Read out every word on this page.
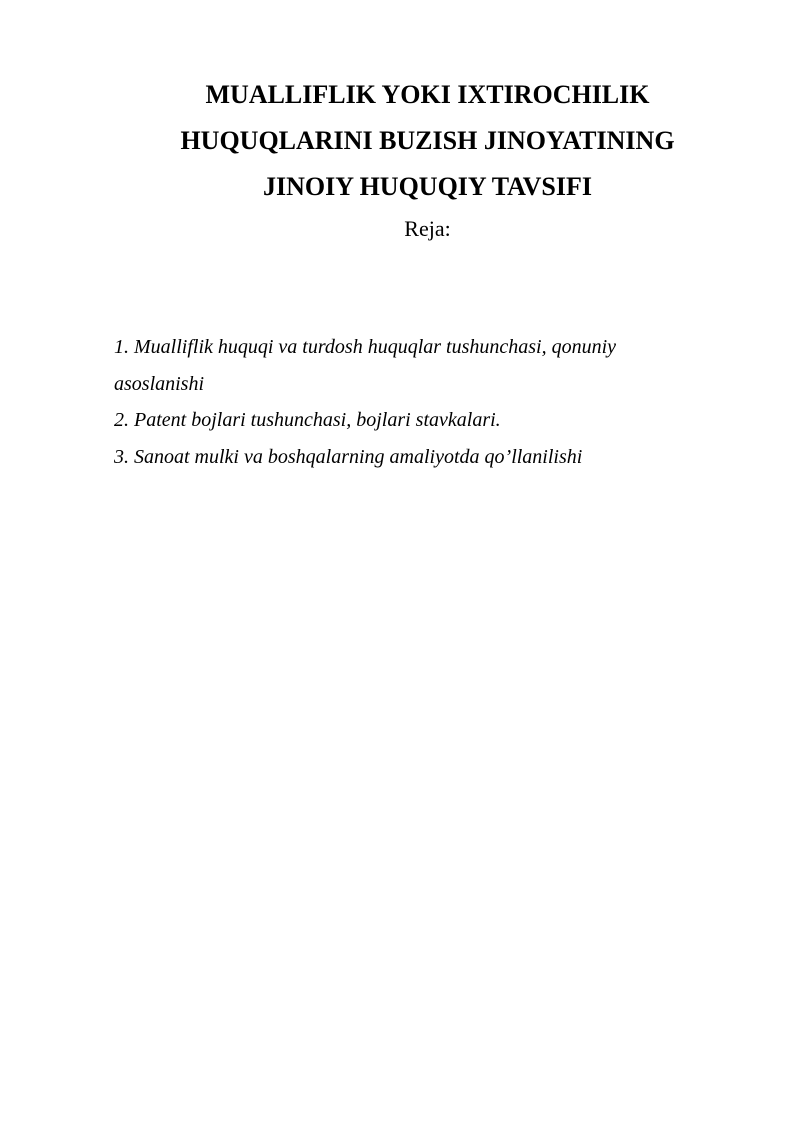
MUALLIFLIK YOKI IXTIROCHILIK
HUQUQLARINI BUZISH JINOYATINING
JINOIY HUQUQIY TAVSIFI
Reja:
1. Mualliflik huquqi va turdosh huquqlar tushunchasi, qonuniy
asoslanishi
2. Patent bojlari tushunchasi, bojlari stavkalari.
3. Sanoat mulki va boshqalarning amaliyotda qo’llanilishi
